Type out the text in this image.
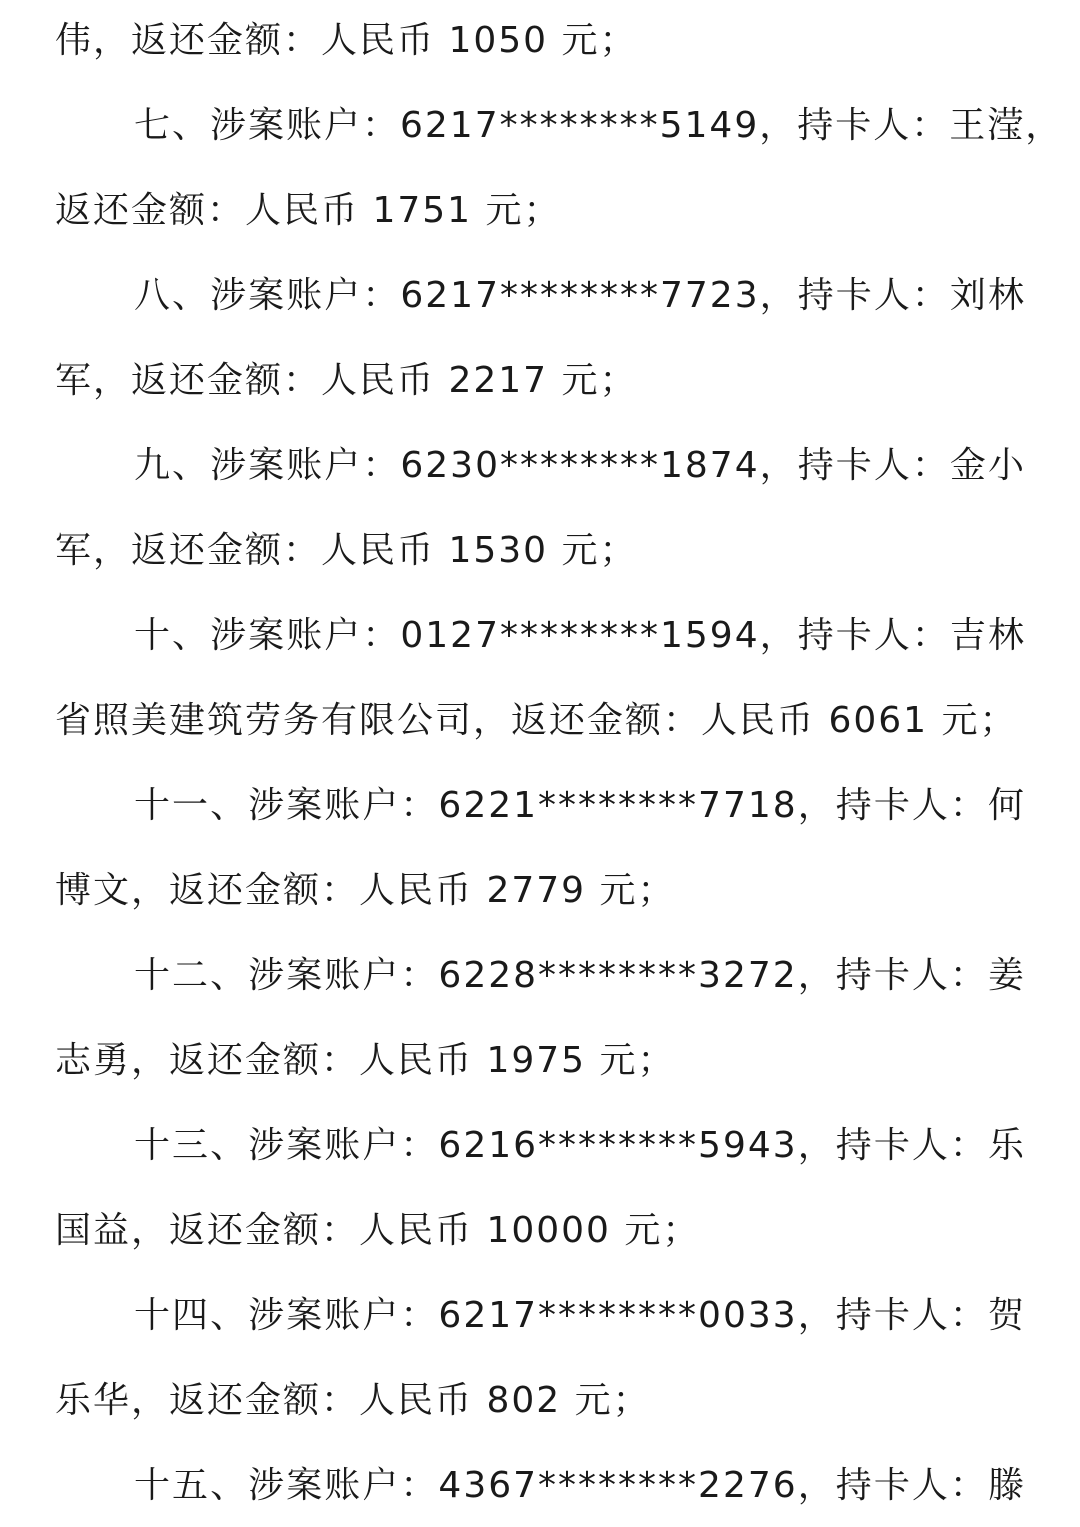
伟，返还金额：人民币 1050 元；
七、涉案账户：6217********5149，持卡人：王滢，
返还金额：人民币 1751 元；
八、涉案账户：6217********7723，持卡人：刘林
军，返还金额：人民币 2217 元；
九、涉案账户：6230********1874，持卡人：金小
军，返还金额：人民币 1530 元；
十、涉案账户：0127********1594，持卡人：吉林
省照美建筑劳务有限公司，返还金额：人民币 6061 元；
十一、涉案账户：6221********7718，持卡人：何
博文，返还金额：人民币 2779 元；
十二、涉案账户：6228********3272，持卡人：姜
志勇，返还金额：人民币 1975 元；
十三、涉案账户：6216********5943，持卡人：乐
国益，返还金额：人民币 10000 元；
十四、涉案账户：6217********0033，持卡人：贺
乐华，返还金额：人民币 802 元；
十五、涉案账户：4367********2276，持卡人：滕
